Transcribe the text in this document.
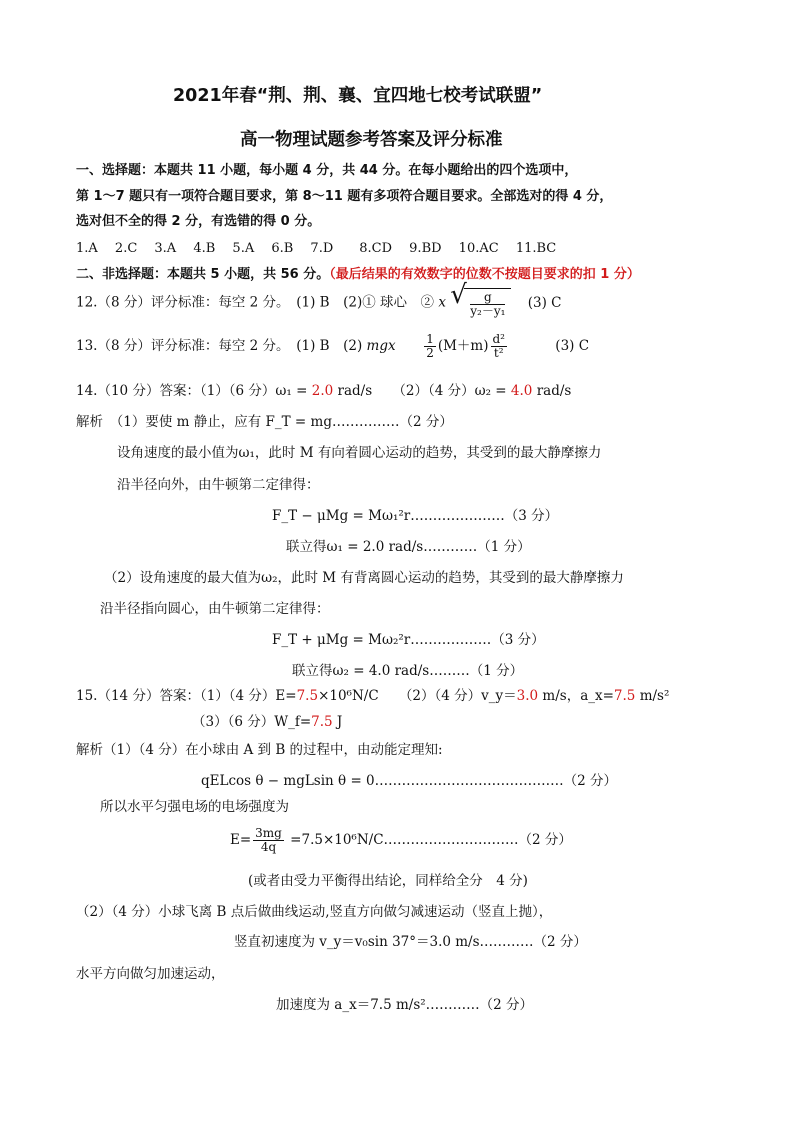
2021年春“荆、荆、襄、宜四地七校考试联盟”
高一物理试题参考答案及评分标准
一、选择题：本题共 11 小题，每小题 4 分，共 44 分。在每小题给出的四个选项中，
第 1～7 题只有一项符合题目要求，第 8～11 题有多项符合题目要求。全部选对的得 4 分，
选对但不全的得 2 分，有选错的得 0 分。
1.A　 2.C　 3.A　 4.B　 5.A　 6.B　 7.D　　8.CD　 9.BD　 10.AC　 11.BC
二、非选择题：本题共 5 小题，共 56 分。（最后结果的有效数字的位数不按题目要求的扣 1 分）
12.（8 分）评分标准：每空 2 分。　(1) B　(2)① 球心　② x √ $\frac{g}{\text{y₂－y₁}} (3)$ C
13.（8 分）评分标准：每空 2 分。　(1) B　(2) mgx $\frac{1}{2} (M+m) \frac{\text{d²}}{\text{t²}}$	(3) C
14.（10 分）答案：（1）（6 分）ω₁ = 2.0 rad/s　　（2）（4 分）ω₂ = 4.0 rad/s
解析　（1）要使 m 静止，应有 F_T = mg……………（2 分）
设角速度的最小值为ω₁，此时 M 有向着圆心运动的趋势，其受到的最大静摩擦力
沿半径向外，由牛顿第二定律得：
F_T − μMg = Mω₁²r…………………（3 分）
联立得ω₁ = 2.0 rad/s…………（1 分）
（2）设角速度的最大值为ω₂，此时 M 有背离圆心运动的趋势，其受到的最大静摩擦力
沿半径指向圆心，由牛顿第二定律得：
F_T + μMg = Mω₂²r………………（3 分）
联立得ω₂ = 4.0 rad/s………（1 分）
15.（14 分）答案：（1）（4 分）E=7.5×10⁶N/C　　（2）（4 分）v_y＝3.0 m/s，a_x=7.5 m/s²
（3）（6 分）W_f=7.5 J
解析（1）（4 分）在小球由 A 到 B 的过程中，由动能定理知:
qELcos θ − mgLsin θ = 0……………………………………（2 分）
所以水平匀强电场的电场强度为
$E= \frac{3mg}{4q}$ =7.5×10⁶N/C…………………………（2 分）
(或者由受力平衡得出结论，同样给全分　4 分)
（2）（4 分）小球飞离 B 点后做曲线运动,竖直方向做匀减速运动（竖直上抛），
竖直初速度为 v_y＝v₀sin 37°＝3.0 m/s…………（2 分）
水平方向做匀加速运动，
加速度为 a_x＝7.5 m/s²…………（2 分）
